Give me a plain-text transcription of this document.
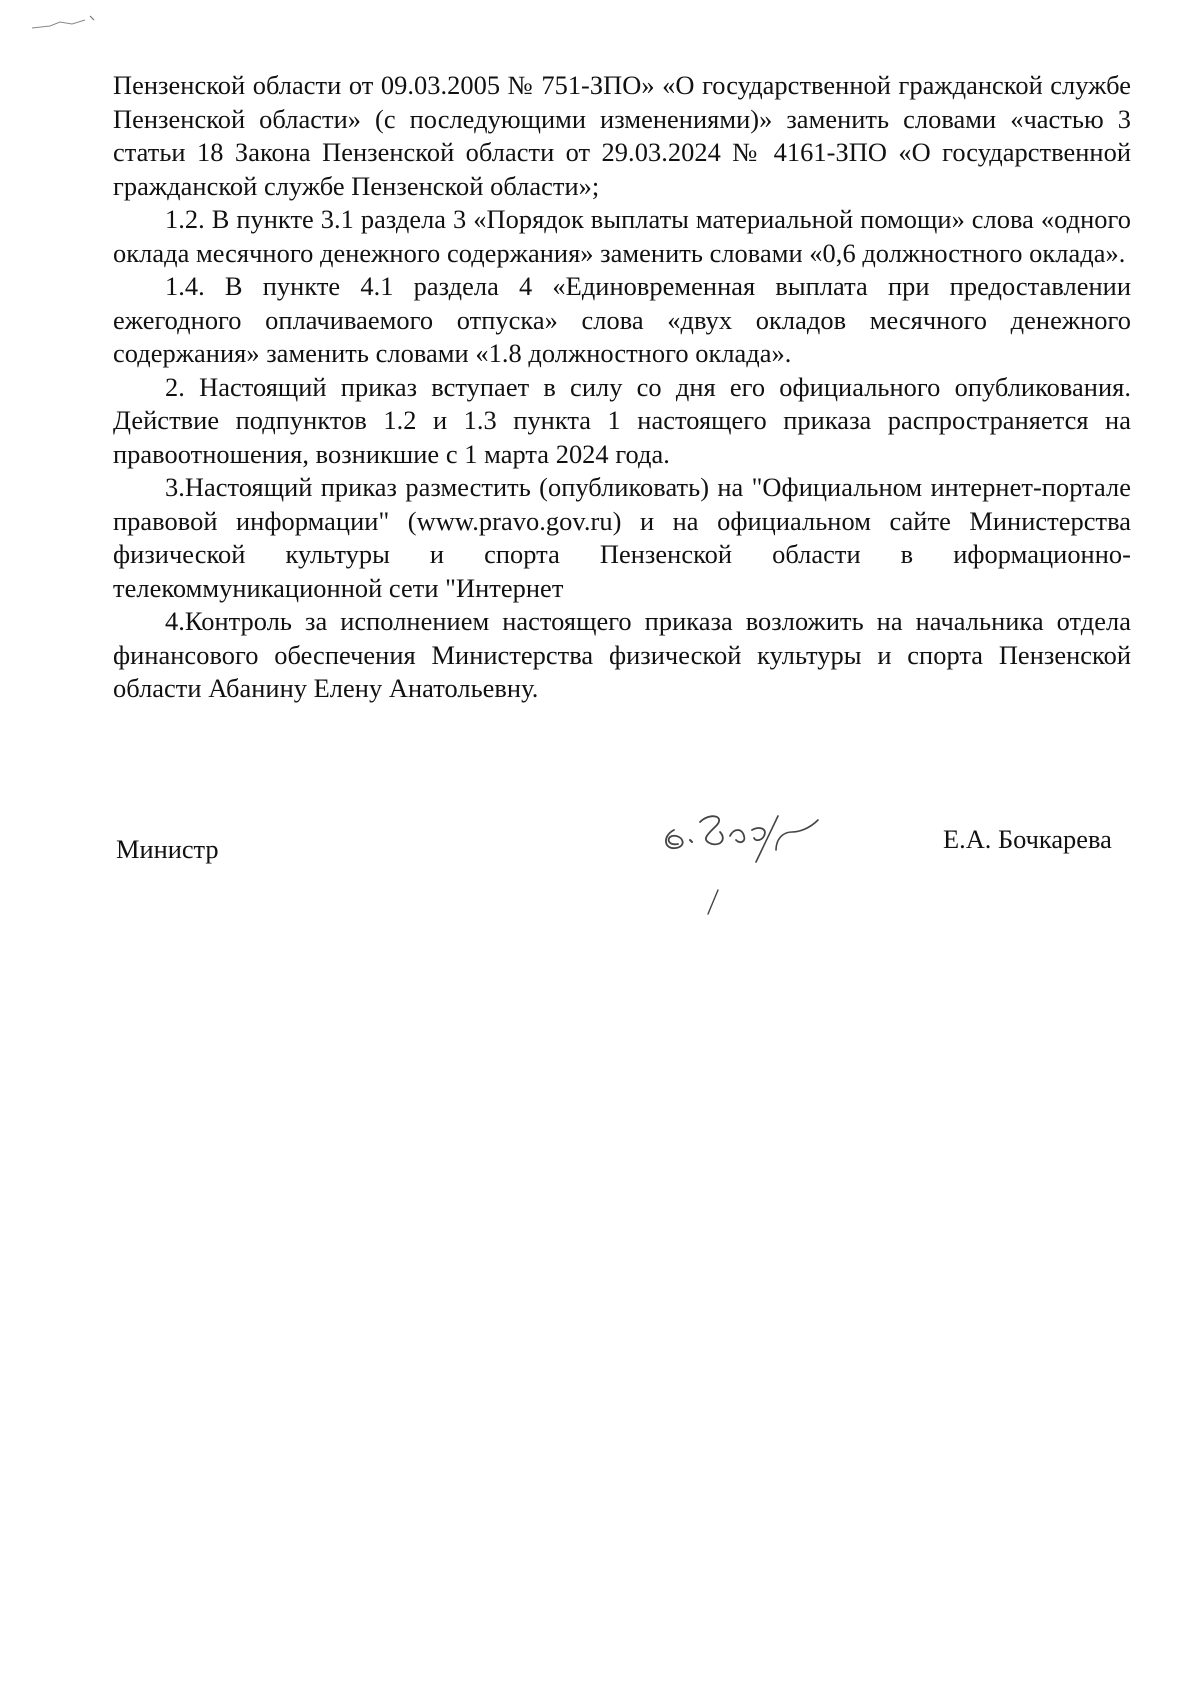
Пензенской области от 09.03.2005 № 751-ЗПО» «О государственной гражданской службе Пензенской области» (с последующими изменениями)» заменить словами «частью 3 статьи 18 Закона Пензенской области от 29.03.2024 № 4161-ЗПО «О государственной гражданской службе Пензенской области»;

1.2. В пункте 3.1 раздела 3 «Порядок выплаты материальной помощи» слова «одного оклада месячного денежного содержания» заменить словами «0,6 должностного оклада».

1.4. В пункте 4.1 раздела 4 «Единовременная выплата при предоставлении ежегодного оплачиваемого отпуска» слова «двух окладов месячного денежного содержания» заменить словами «1.8 должностного оклада».

2. Настоящий приказ вступает в силу со дня его официального опубликования. Действие подпунктов 1.2 и 1.3 пункта 1 настоящего приказа распространяется на правоотношения, возникшие с 1 марта 2024 года.

3.Настоящий приказ разместить (опубликовать) на "Официальном интернет-портале правовой информации" (www.pravo.gov.ru) и на официальном сайте Министерства физической культуры и спорта Пензенской области в иформационно-телекоммуникационной сети "Интернет

4.Контроль за исполнением настоящего приказа возложить на начальника отдела финансового обеспечения Министерства физической культуры и спорта Пензенской области Абанину Елену Анатольевну.

Министр	Е.А. Бочкарева
